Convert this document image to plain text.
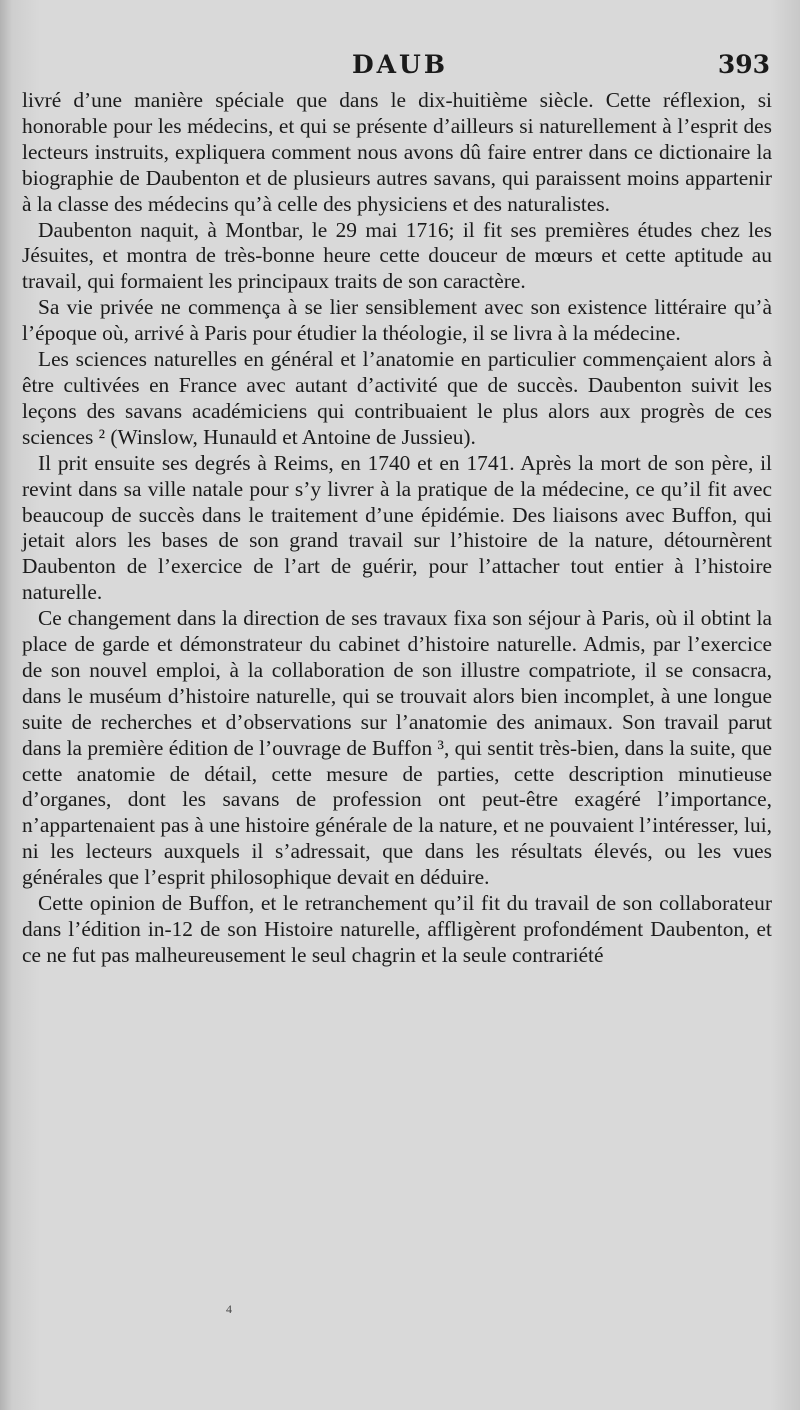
DAUB	393

livré d’une manière spéciale que dans le dix-huitième siècle. Cette réflexion, si honorable pour les médecins, et qui se présente d’ailleurs si naturellement à l’esprit des lecteurs instruits, expliquera comment nous avons dû faire entrer dans ce dictionaire la biographie de Daubenton et de plusieurs autres savans, qui paraissent moins appartenir à la classe des médecins qu’à celle des physiciens et des naturalistes.

Daubenton naquit, à Montbar, le 29 mai 1716; il fit ses premières études chez les Jésuites, et montra de très-bonne heure cette douceur de mœurs et cette aptitude au travail, qui formaient les principaux traits de son caractère.

Sa vie privée ne commença à se lier sensiblement avec son existence littéraire qu’à l’époque où, arrivé à Paris pour étudier la théologie, il se livra à la médecine.

Les sciences naturelles en général et l’anatomie en particulier commençaient alors à être cultivées en France avec autant d’activité que de succès. Daubenton suivit les leçons des savans académiciens qui contribuaient le plus alors aux progrès de ces sciences ² (Winslow, Hunauld et Antoine de Jussieu).

Il prit ensuite ses degrés à Reims, en 1740 et en 1741. Après la mort de son père, il revint dans sa ville natale pour s’y livrer à la pratique de la médecine, ce qu’il fit avec beaucoup de succès dans le traitement d’une épidémie. Des liaisons avec Buffon, qui jetait alors les bases de son grand travail sur l’histoire de la nature, détournèrent Daubenton de l’exercice de l’art de guérir, pour l’attacher tout entier à l’histoire naturelle.

Ce changement dans la direction de ses travaux fixa son séjour à Paris, où il obtint la place de garde et démonstrateur du cabinet d’histoire naturelle. Admis, par l’exercice de son nouvel emploi, à la collaboration de son illustre compatriote, il se consacra, dans le muséum d’histoire naturelle, qui se trouvait alors bien incomplet, à une longue suite de recherches et d’observations sur l’anatomie des animaux. Son travail parut dans la première édition de l’ouvrage de Buffon ³, qui sentit très-bien, dans la suite, que cette anatomie de détail, cette mesure de parties, cette description minutieuse d’organes, dont les savans de profession ont peut-être exagéré l’importance, n’appartenaient pas à une histoire générale de la nature, et ne pouvaient l’intéresser, lui, ni les lecteurs auxquels il s’adressait, que dans les résultats élevés, ou les vues générales que l’esprit philosophique devait en déduire.

Cette opinion de Buffon, et le retranchement qu’il fit du travail de son collaborateur dans l’édition in-12 de son Histoire naturelle, affligèrent profondément Daubenton, et ce ne fut pas malheureusement le seul chagrin et la seule contrariété

4
